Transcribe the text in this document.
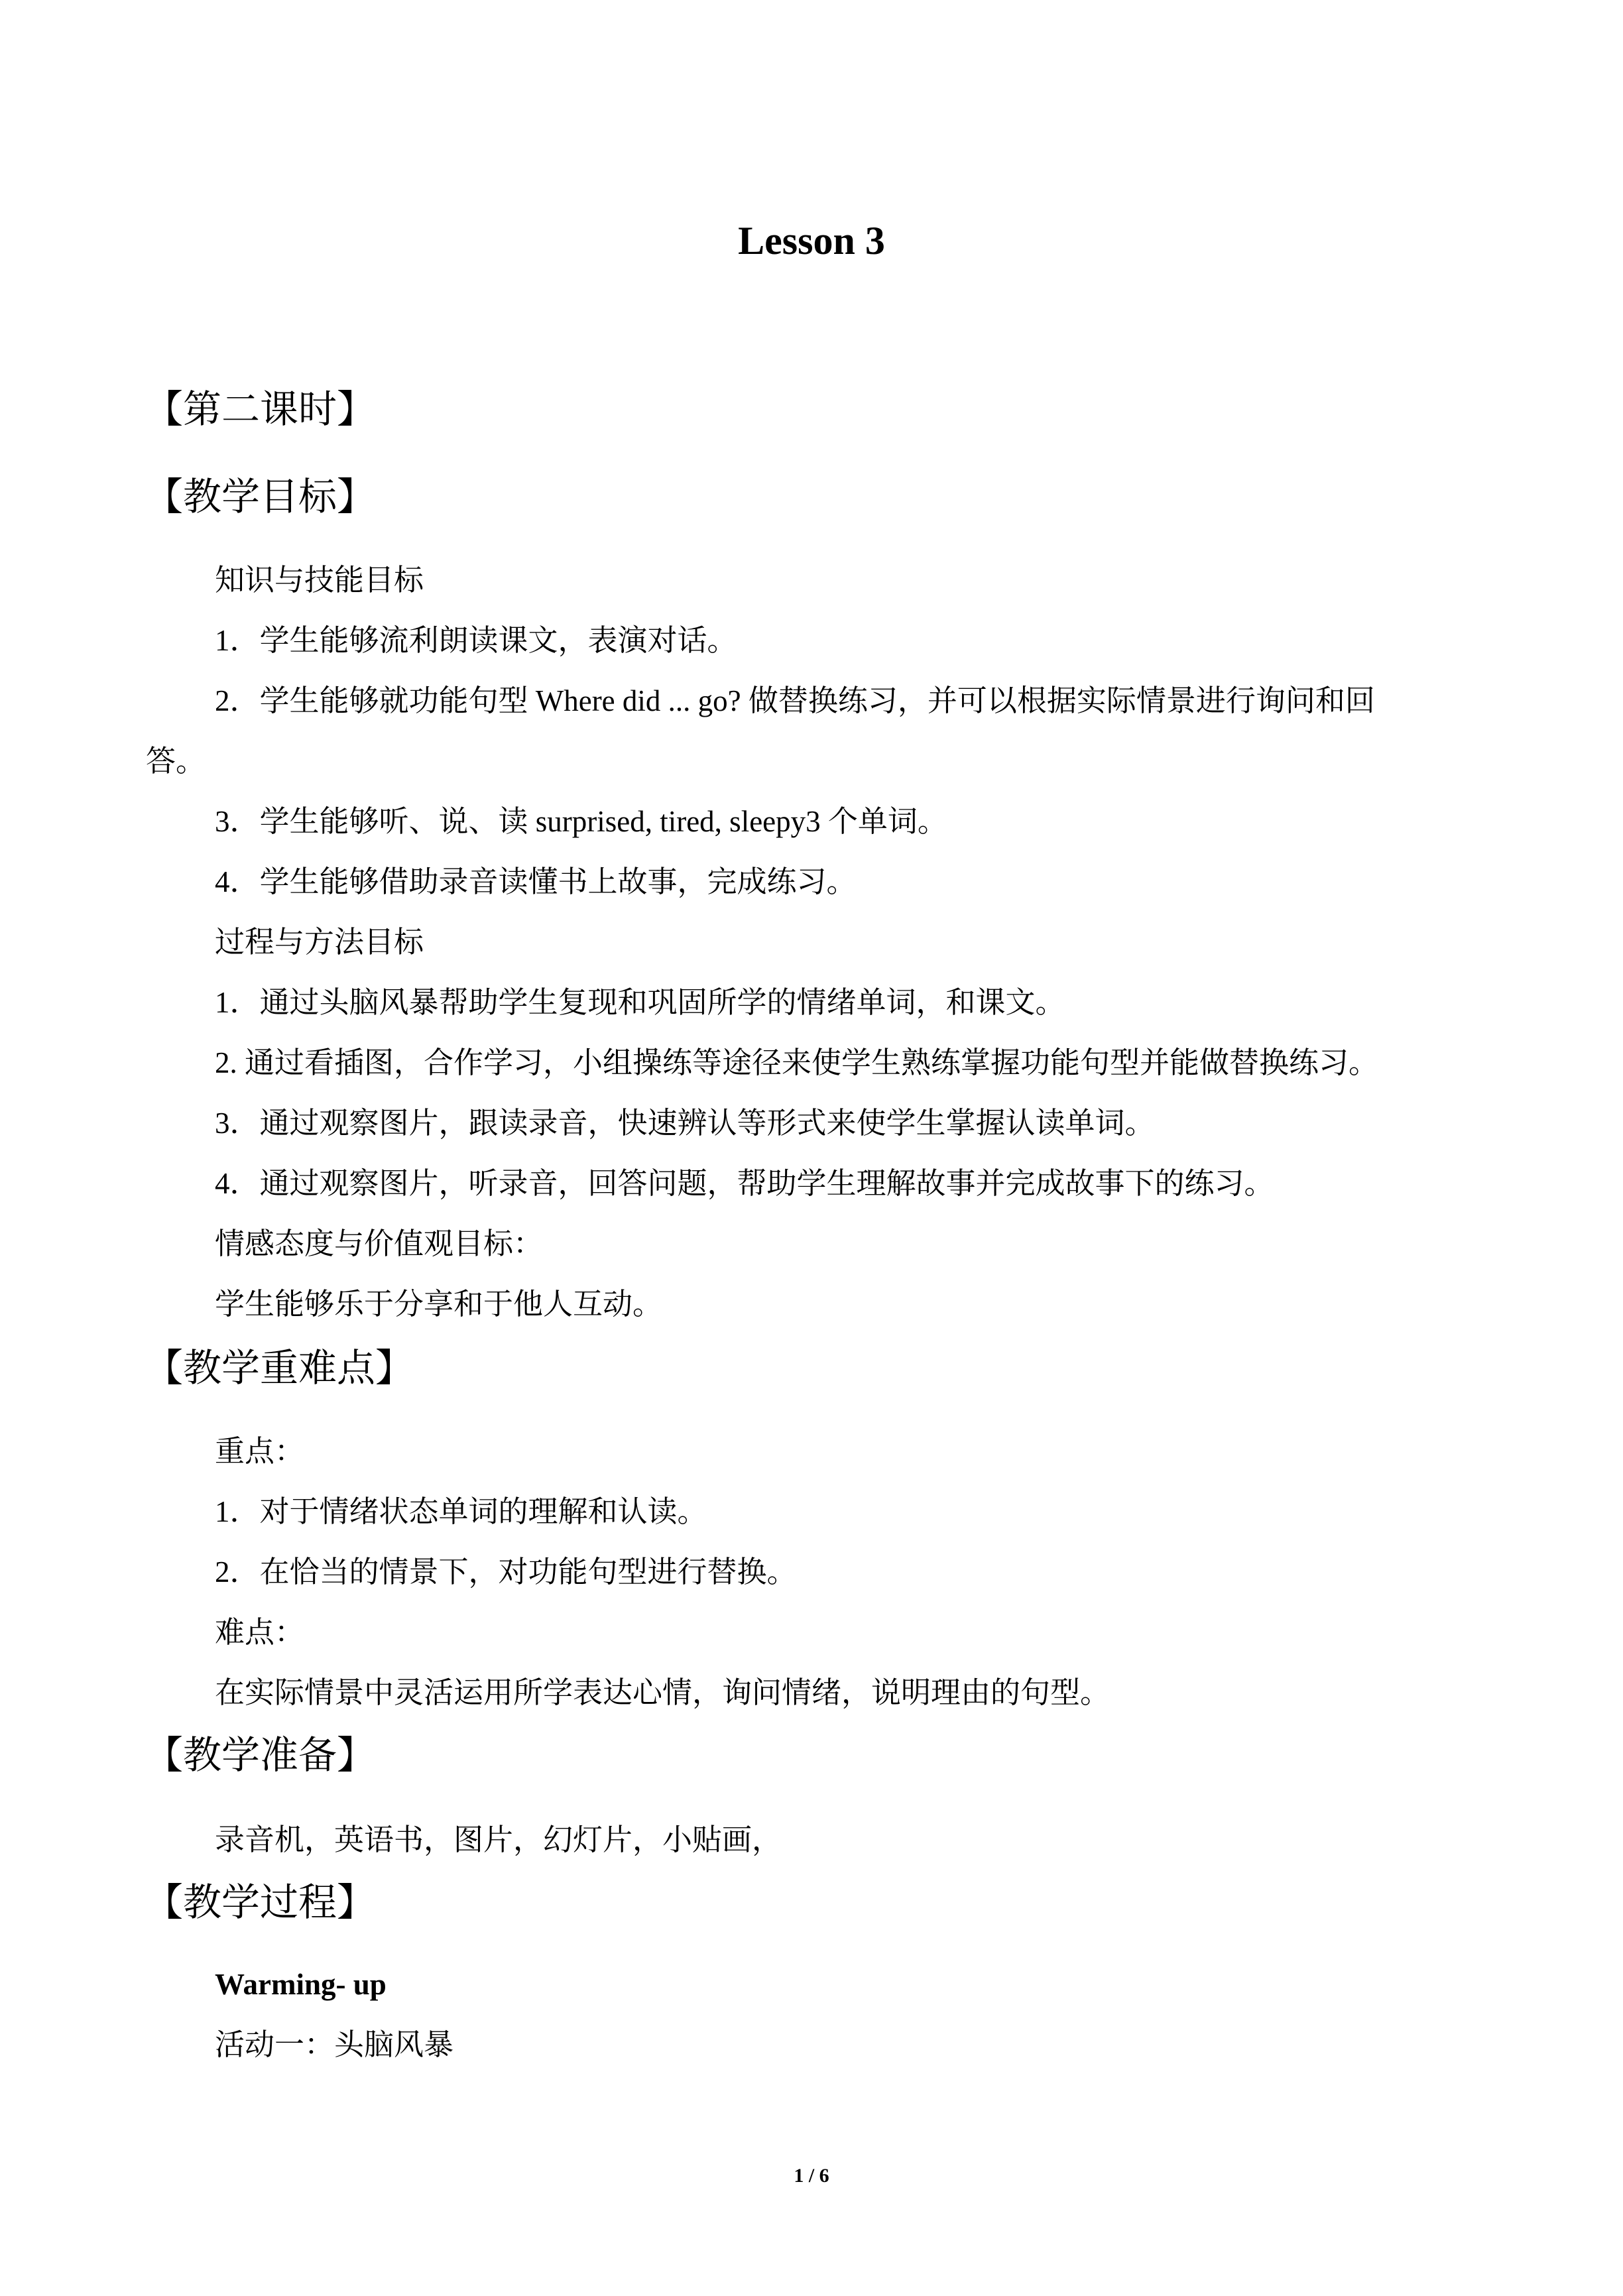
Lesson 3
【第二课时】
【教学目标】
知识与技能目标
1．学生能够流利朗读课文，表演对话。
2．学生能够就功能句型 Where did ... go? 做替换练习，并可以根据实际情景进行询问和回
答。
3．学生能够听、说、读 surprised, tired, sleepy3 个单词。
4．学生能够借助录音读懂书上故事，完成练习。
过程与方法目标
1．通过头脑风暴帮助学生复现和巩固所学的情绪单词，和课文。
2. 通过看插图，合作学习，小组操练等途径来使学生熟练掌握功能句型并能做替换练习。
3．通过观察图片，跟读录音，快速辨认等形式来使学生掌握认读单词。
4．通过观察图片，听录音，回答问题，帮助学生理解故事并完成故事下的练习。
情感态度与价值观目标：
学生能够乐于分享和于他人互动。
【教学重难点】
重点：
1．对于情绪状态单词的理解和认读。
2．在恰当的情景下，对功能句型进行替换。
难点：
在实际情景中灵活运用所学表达心情，询问情绪，说明理由的句型。
【教学准备】
录音机，英语书，图片，幻灯片，小贴画，
【教学过程】
Warming- up
活动一：头脑风暴
1 / 6
